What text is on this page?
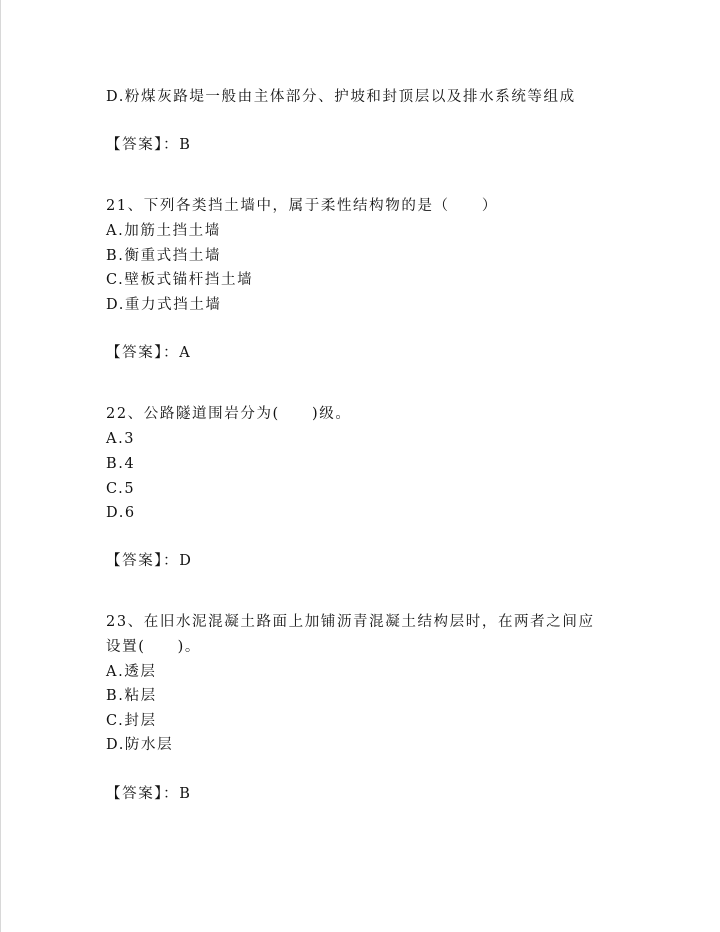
D.粉煤灰路堤一般由主体部分、护坡和封顶层以及排水系统等组成
【答案】：B
21、下列各类挡土墙中，属于柔性结构物的是（　　）
A.加筋土挡土墙
B.衡重式挡土墙
C.壁板式锚杆挡土墙
D.重力式挡土墙
【答案】：A
22、公路隧道围岩分为(　　)级。
A.3
B.4
C.5
D.6
【答案】：D
23、在旧水泥混凝土路面上加铺沥青混凝土结构层时，在两者之间应
设置(　　)。
A.透层
B.粘层
C.封层
D.防水层
【答案】：B
